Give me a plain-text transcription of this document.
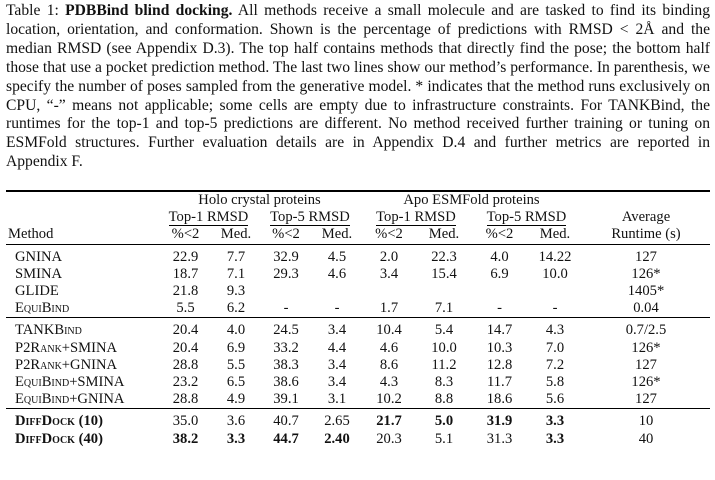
Table 1: PDBBind blind docking. All methods receive a small molecule and are tasked to find its binding location, orientation, and conformation. Shown is the percentage of predictions with RMSD < 2Å and the median RMSD (see Appendix D.3). The top half contains methods that directly find the pose; the bottom half those that use a pocket prediction method. The last two lines show our method’s performance. In parenthesis, we specify the number of poses sampled from the generative model. * indicates that the method runs exclusively on CPU, “-” means not applicable; some cells are empty due to infrastructure constraints. For TANKBind, the runtimes for the top-1 and top-5 predictions are different. No method received further training or tuning on ESMFold structures. Further evaluation details are in Appendix D.4 and further metrics are reported in Appendix F.

	Holo crystal proteins				Apo ESMFold proteins				
	Top-1 RMSD		Top-5 RMSD		Top-1 RMSD		Top-5 RMSD		Average
Method	%<2	Med.	%<2	Med.	%<2	Med.	%<2	Med.	Runtime (s)
GNINA	22.9	7.7	32.9	4.5	2.0	22.3	4.0	14.22	127
SMINA	18.7	7.1	29.3	4.6	3.4	15.4	6.9	10.0	126*
GLIDE	21.8	9.3							1405*
EquiBind	5.5	6.2	-	-	1.7	7.1	-	-	0.04
TANKBind	20.4	4.0	24.5	3.4	10.4	5.4	14.7	4.3	0.7/2.5
P2Rank+SMINA	20.4	6.9	33.2	4.4	4.6	10.0	10.3	7.0	126*
P2Rank+GNINA	28.8	5.5	38.3	3.4	8.6	11.2	12.8	7.2	127
EquiBind+SMINA	23.2	6.5	38.6	3.4	4.3	8.3	11.7	5.8	126*
EquiBind+GNINA	28.8	4.9	39.1	3.1	10.2	8.8	18.6	5.6	127
DiffDock (10)	35.0	3.6	40.7	2.65	21.7	5.0	31.9	3.3	10
DiffDock (40)	38.2	3.3	44.7	2.40	20.3	5.1	31.3	3.3	40
